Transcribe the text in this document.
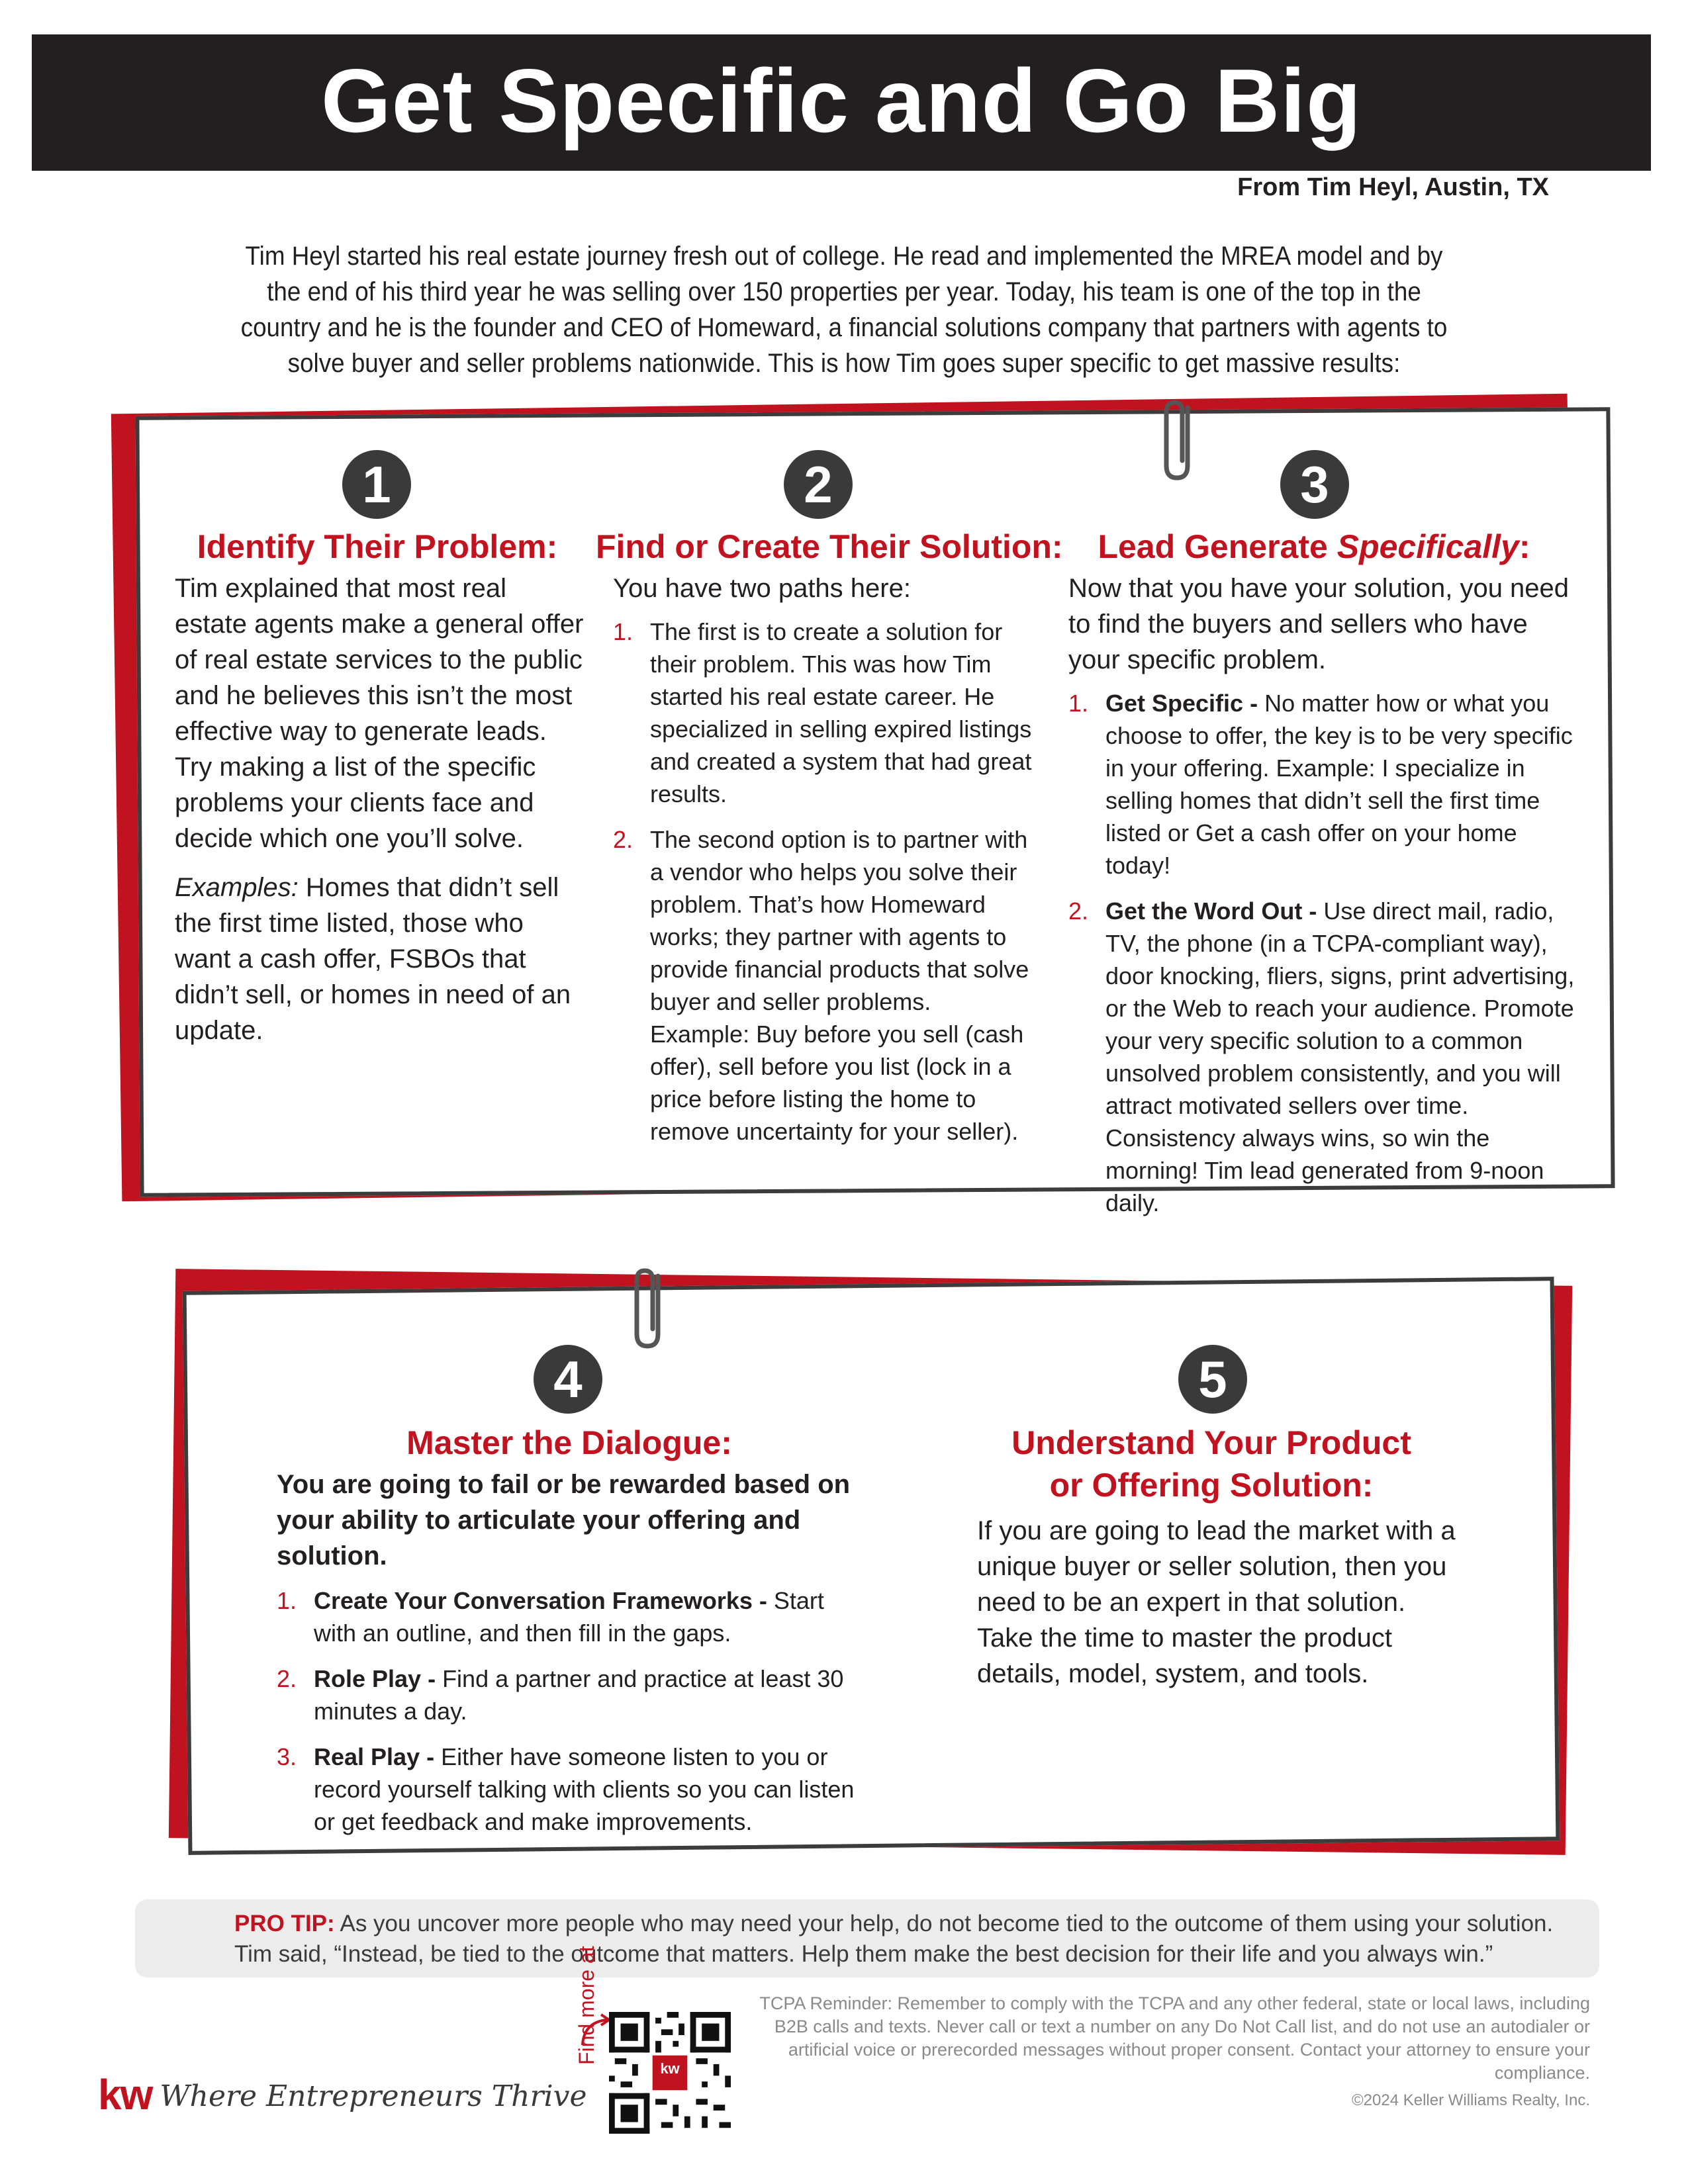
Get Specific and Go Big
From Tim Heyl, Austin, TX
Tim Heyl started his real estate journey fresh out of college. He read and implemented the MREA model and by the end of his third year he was selling over 150 properties per year. Today, his team is one of the top in the country and he is the founder and CEO of Homeward, a financial solutions company that partners with agents to solve buyer and seller problems nationwide. This is how Tim goes super specific to get massive results:
1
Identify Their Problem:

Tim explained that most real estate agents make a general offer of real estate services to the public and he believes this isn’t the most effective way to generate leads. Try making a list of the specific problems your clients face and decide which one you’ll solve.

Examples: Homes that didn’t sell the first time listed, those who want a cash offer, FSBOs that didn’t sell, or homes in need of an update.

2
Find or Create Their Solution:

You have two paths here:

1. The first is to create a solution for their problem. This was how Tim started his real estate career. He specialized in selling expired listings and created a system that had great results.
2. The second option is to partner with a vendor who helps you solve their problem. That’s how Homeward works; they partner with agents to provide financial products that solve buyer and seller problems. Example: Buy before you sell (cash offer), sell before you list (lock in a price before listing the home to remove uncertainty for your seller).
3
Lead Generate Specifically:

Now that you have your solution, you need to find the buyers and sellers who have your specific problem.

1. Get Specific - No matter how or what you choose to offer, the key is to be very specific in your offering. Example: I specialize in selling homes that didn’t sell the first time listed or Get a cash offer on your home today!
2. Get the Word Out - Use direct mail, radio, TV, the phone (in a TCPA-compliant way), door knocking, fliers, signs, print advertising, or the Web to reach your audience. Promote your very specific solution to a common unsolved problem consistently, and you will attract motivated sellers over time. Consistency always wins, so win the morning! Tim lead generated from 9-noon daily.
4
Master the Dialogue:

You are going to fail or be rewarded based on your ability to articulate your offering and solution.

1. Create Your Conversation Frameworks - Start with an outline, and then fill in the gaps.
2. Role Play - Find a partner and practice at least 30 minutes a day.
3. Real Play - Either have someone listen to you or record yourself talking with clients so you can listen or get feedback and make improvements.
5
Understand Your Product
or Offering Solution:

If you are going to lead the market with a unique buyer or seller solution, then you need to be an expert in that solution. Take the time to master the product details, model, system, and tools.

PRO TIP: As you uncover more people who may need your help, do not become tied to the outcome of them using your solution. Tim said, “Instead, be tied to the outcome that matters. Help them make the best decision for their life and you always win.”
kw Where Entrepreneurs Thrive
Find more at
kw
TCPA Reminder: Remember to comply with the TCPA and any other federal, state or local laws, including B2B calls and texts. Never call or text a number on any Do Not Call list, and do not use an autodialer or artificial voice or prerecorded messages without proper consent. Contact your attorney to ensure your compliance.
©2024 Keller Williams Realty, Inc.
